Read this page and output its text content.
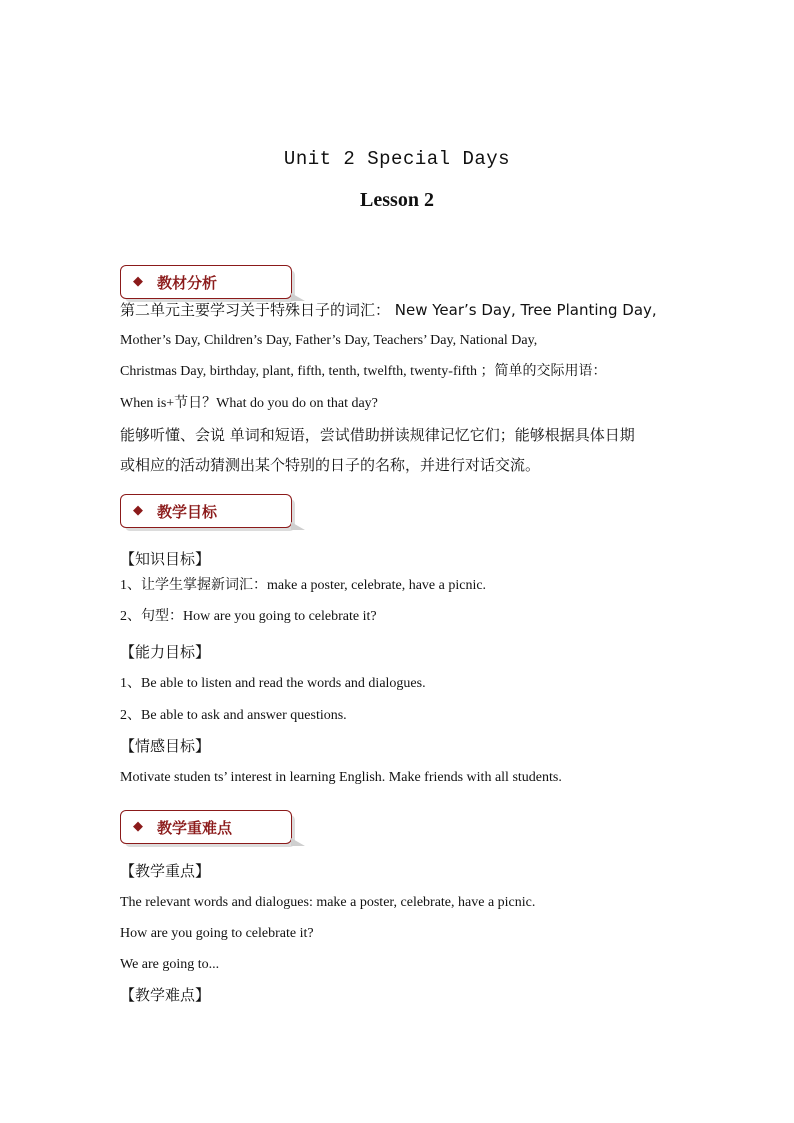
Unit 2 Special Days
Lesson 2
◆ 教材分析

第二单元主要学习关于特殊日子的词汇： New Year’s Day, Tree Planting Day,

Mother’s Day, Children’s Day, Father’s Day, Teachers’ Day, National Day,

Christmas Day, birthday, plant, fifth, tenth, twelfth, twenty-fifth ；简单的交际用语：

When is+节日？What do you do on that day?

能够听懂、会说 单词和短语，尝试借助拼读规律记忆它们；能够根据具体日期

或相应的活动猜测出某个特别的日子的名称，并进行对话交流。

◆ 教学目标

【知识目标】

1、让学生掌握新词汇：make a poster, celebrate, have a picnic.

2、句型：How are you going to celebrate it?

【能力目标】

1、Be able to listen and read the words and dialogues.

2、Be able to ask and answer questions.

【情感目标】

Motivate studen ts’ interest in learning English. Make friends with all students.

◆ 教学重难点

【教学重点】

The relevant words and dialogues: make a poster, celebrate, have a picnic.

How are you going to celebrate it?

We are going to...

【教学难点】
